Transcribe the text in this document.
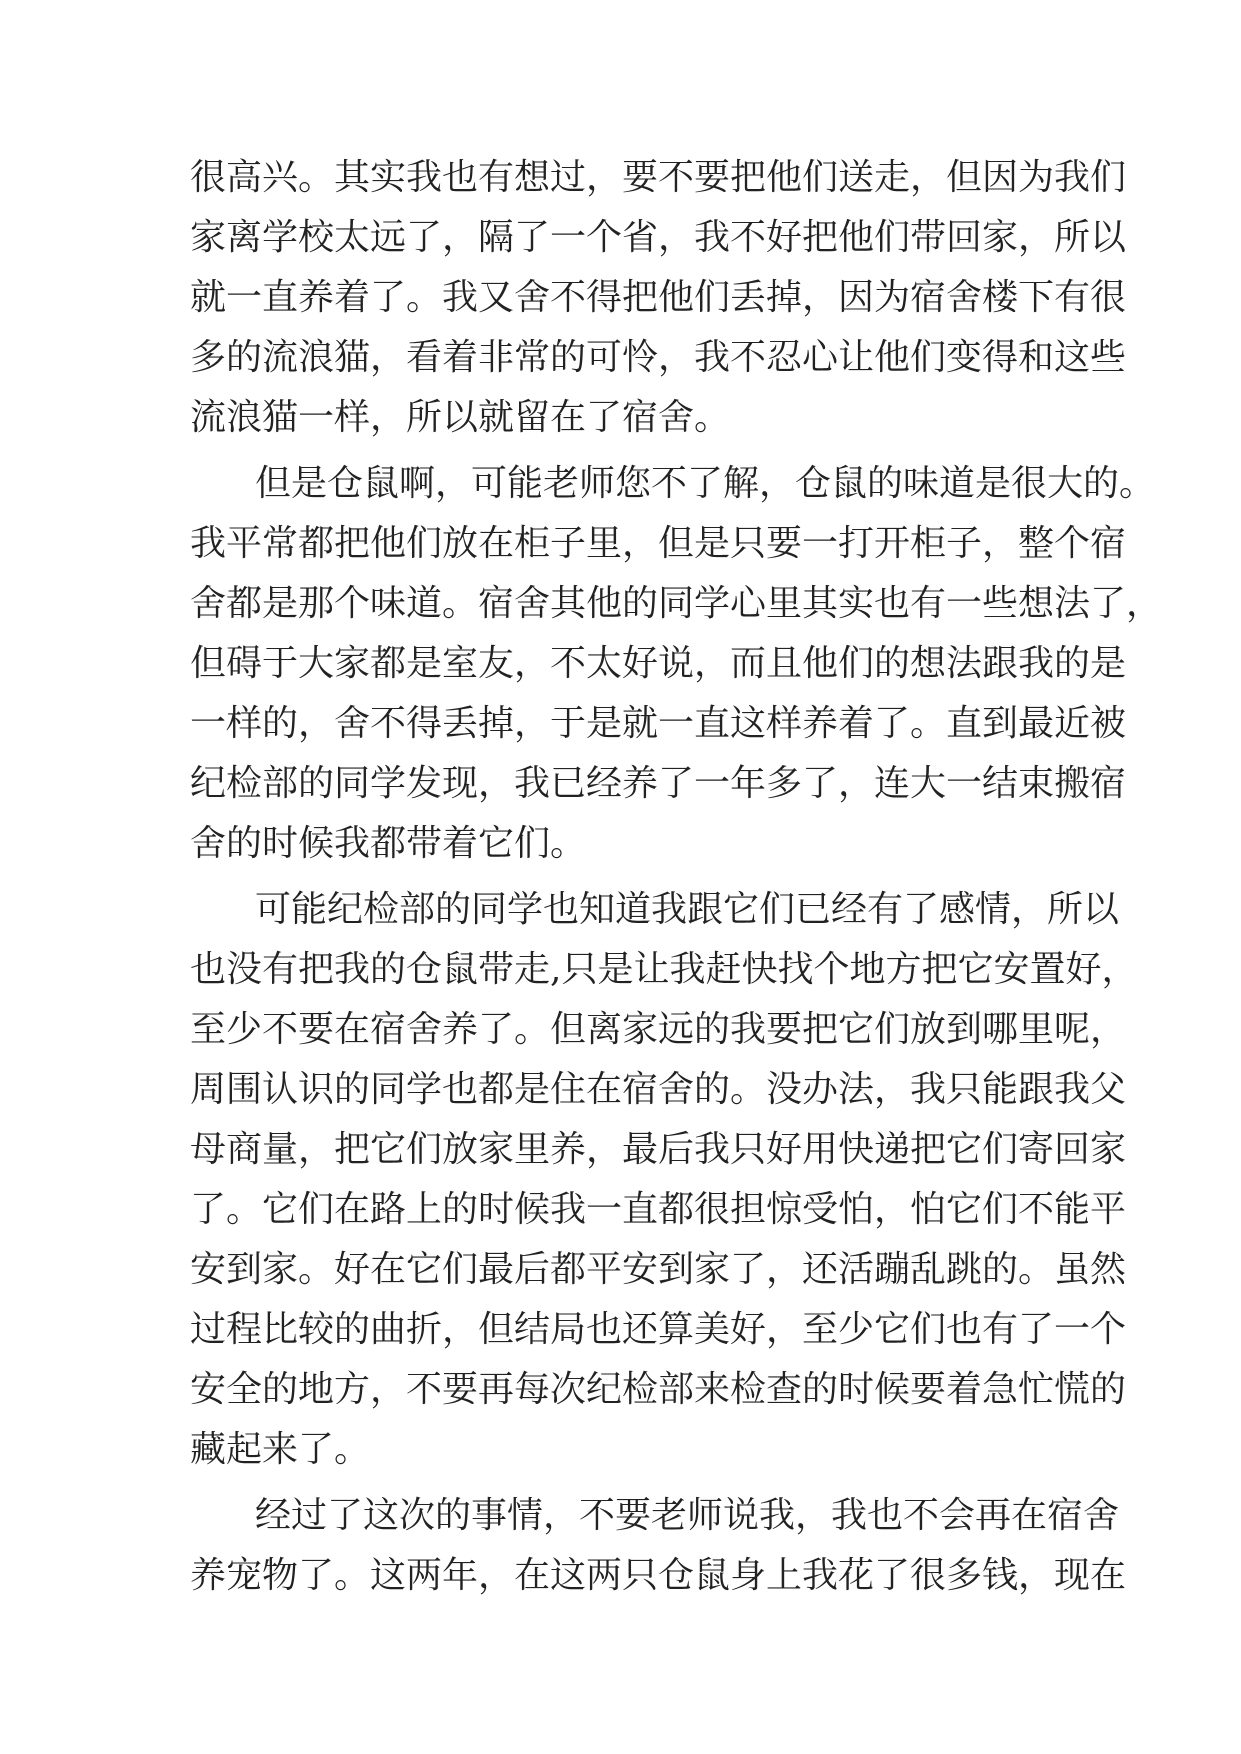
很高兴。其实我也有想过，要不要把他们送走，但因为我们
家离学校太远了，隔了一个省，我不好把他们带回家，所以
就一直养着了。我又舍不得把他们丢掉，因为宿舍楼下有很
多的流浪猫，看着非常的可怜，我不忍心让他们变得和这些
流浪猫一样，所以就留在了宿舍。
但是仓鼠啊，可能老师您不了解，仓鼠的味道是很大的。
我平常都把他们放在柜子里，但是只要一打开柜子，整个宿
舍都是那个味道。宿舍其他的同学心里其实也有一些想法了，
但碍于大家都是室友，不太好说，而且他们的想法跟我的是
一样的，舍不得丢掉，于是就一直这样养着了。直到最近被
纪检部的同学发现，我已经养了一年多了，连大一结束搬宿
舍的时候我都带着它们。
可能纪检部的同学也知道我跟它们已经有了感情，所以
也没有把我的仓鼠带走,只是让我赶快找个地方把它安置好，
至少不要在宿舍养了。但离家远的我要把它们放到哪里呢，
周围认识的同学也都是住在宿舍的。没办法，我只能跟我父
母商量，把它们放家里养，最后我只好用快递把它们寄回家
了。它们在路上的时候我一直都很担惊受怕，怕它们不能平
安到家。好在它们最后都平安到家了，还活蹦乱跳的。虽然
过程比较的曲折，但结局也还算美好，至少它们也有了一个
安全的地方，不要再每次纪检部来检查的时候要着急忙慌的
藏起来了。
经过了这次的事情，不要老师说我，我也不会再在宿舍
养宠物了。这两年，在这两只仓鼠身上我花了很多钱，现在
